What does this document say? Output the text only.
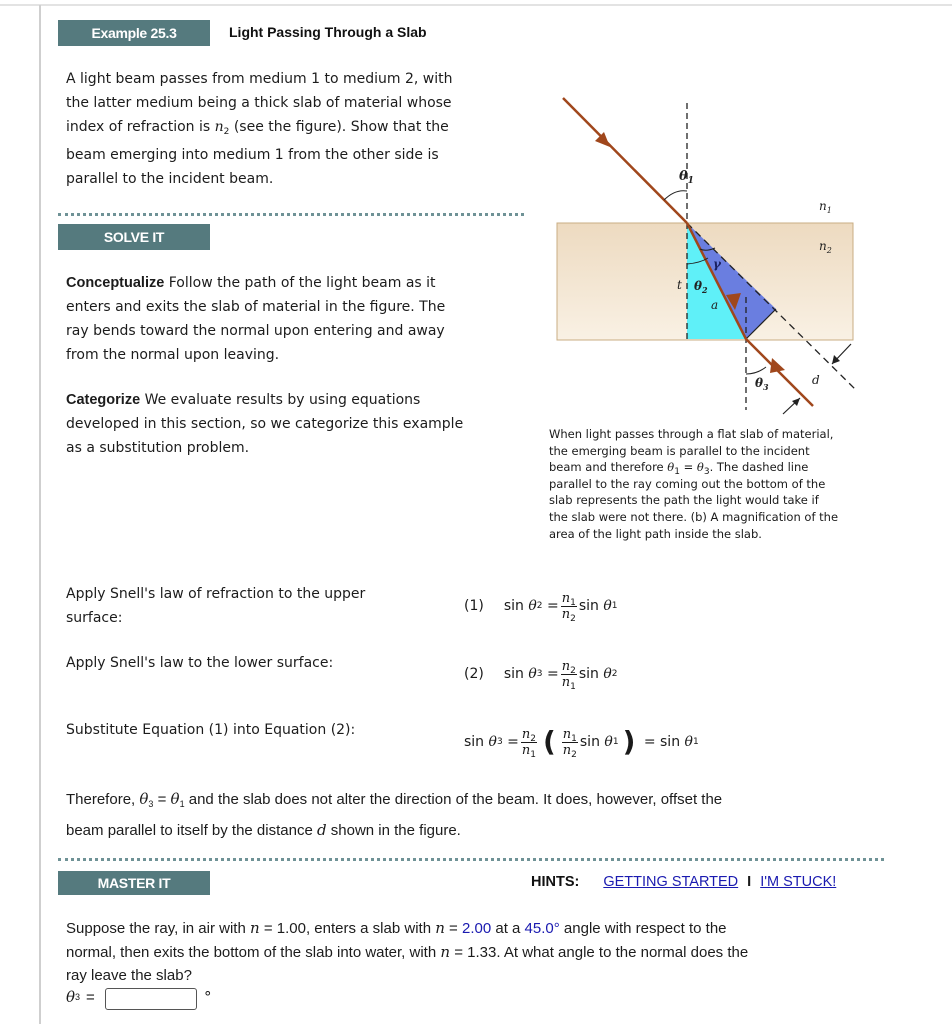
Example 25.3	Light Passing Through a Slab
A light beam passes from medium 1 to medium 2, with
the latter medium being a thick slab of material whose
index of refraction is $n_2$ (see the figure). Show that the
beam emerging into medium 1 from the other side is
parallel to the incident beam.
SOLVE IT
Conceptualize Follow the path of the light beam as it
enters and exits the slab of material in the figure. The
ray bends toward the normal upon entering and away
from the normal upon leaving.
Categorize We evaluate results by using equations
developed in this section, so we categorize this example
as a substitution problem.
$\theta_1$
$n_1$
$n_2$
γ
t $\theta_2$
a
$\theta_3$	d
When light passes through a flat slab of material,
the emerging beam is parallel to the incident
beam and therefore $\theta_1 = \theta_3$. The dashed line
parallel to the ray coming out the bottom of the
slab represents the path the light would take if
the slab were not there. (b) A magnification of the
area of the light path inside the slab.
Apply Snell's law of refraction to the upper
surface:
(1) sin
θ $2 = \frac{n_1}{n_2}$ sin
θ 1
Apply Snell's law to the lower surface:
(2) sin
θ $3 = \frac{n_2}{n_1}$ sin
θ 2
Substitute Equation (1) into Equation (2):
sin
θ $3 = \frac{n_2}{n_1}$ ( $\frac{n_1}{n_2}$ sin
θ 1 ) = sin
θ 1
Therefore, $\theta_3 = \theta_1$ and the slab does not alter the direction of the beam. It does, however, offset the
beam parallel to itself by the distance d shown in the figure.
MASTER IT	HINTS: GETTING STARTED I I'M STUCK!
Suppose the ray, in air with n = 1.00, enters a slab with n = 2.00 at a 45.0° angle with respect to the
normal, then exits the bottom of the slab into water, with n = 1.33. At what angle to the normal does the
ray leave the slab?
θ 3 =	°
